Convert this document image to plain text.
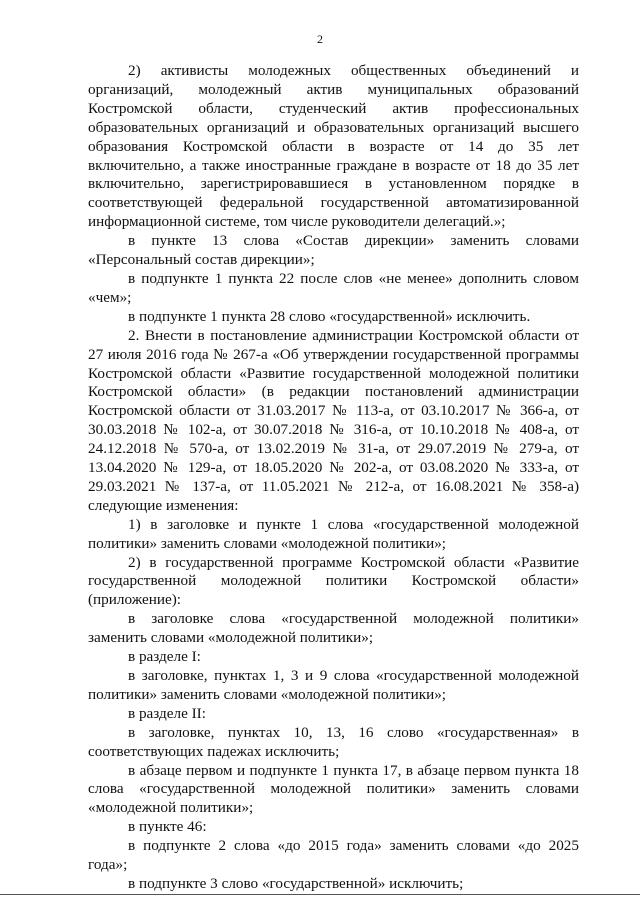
2

2) активисты молодежных общественных объединений и организаций, молодежный актив муниципальных образований Костромской области, студенческий актив профессиональных образовательных организаций и образовательных организаций высшего образования Костромской области в возрасте от 14 до 35 лет включительно, а также иностранные граждане в возрасте от 18 до 35 лет включительно, зарегистрировавшиеся в установленном порядке в соответствующей федеральной государственной автоматизированной информационной системе, том числе руководители делегаций.»;

в пункте 13 слова «Состав дирекции» заменить словами «Персональный состав дирекции»;

в подпункте 1 пункта 22 после слов «не менее» дополнить словом «чем»;

в подпункте 1 пункта 28 слово «государственной» исключить.

2. Внести в постановление администрации Костромской области от 27 июля 2016 года № 267-а «Об утверждении государственной программы Костромской области «Развитие государственной молодежной политики Костромской области» (в редакции постановлений администрации Костромской области от 31.03.2017 № 113-а, от 03.10.2017 № 366-а, от 30.03.2018 № 102-а, от 30.07.2018 № 316-а, от 10.10.2018 № 408-а, от 24.12.2018 № 570-а, от 13.02.2019 № 31-а, от 29.07.2019 № 279-а, от 13.04.2020 № 129-а, от 18.05.2020 № 202-а, от 03.08.2020 № 333-а, от 29.03.2021 № 137-а, от 11.05.2021 № 212-а, от 16.08.2021 № 358-а) следующие изменения:

1) в заголовке и пункте 1 слова «государственной молодежной политики» заменить словами «молодежной политики»;

2) в государственной программе Костромской области «Развитие государственной молодежной политики Костромской области» (приложение):

в заголовке слова «государственной молодежной политики» заменить словами «молодежной политики»;

в разделе I:

в заголовке, пунктах 1, 3 и 9 слова «государственной молодежной политики» заменить словами «молодежной политики»;

в разделе II:

в заголовке, пунктах 10, 13, 16 слово «государственная» в соответствующих падежах исключить;

в абзаце первом и подпункте 1 пункта 17, в абзаце первом пункта 18 слова «государственной молодежной политики» заменить словами «молодежной политики»;

в пункте 46:

в подпункте 2 слова «до 2015 года» заменить словами «до 2025 года»;

в подпункте 3 слово «государственной» исключить;
